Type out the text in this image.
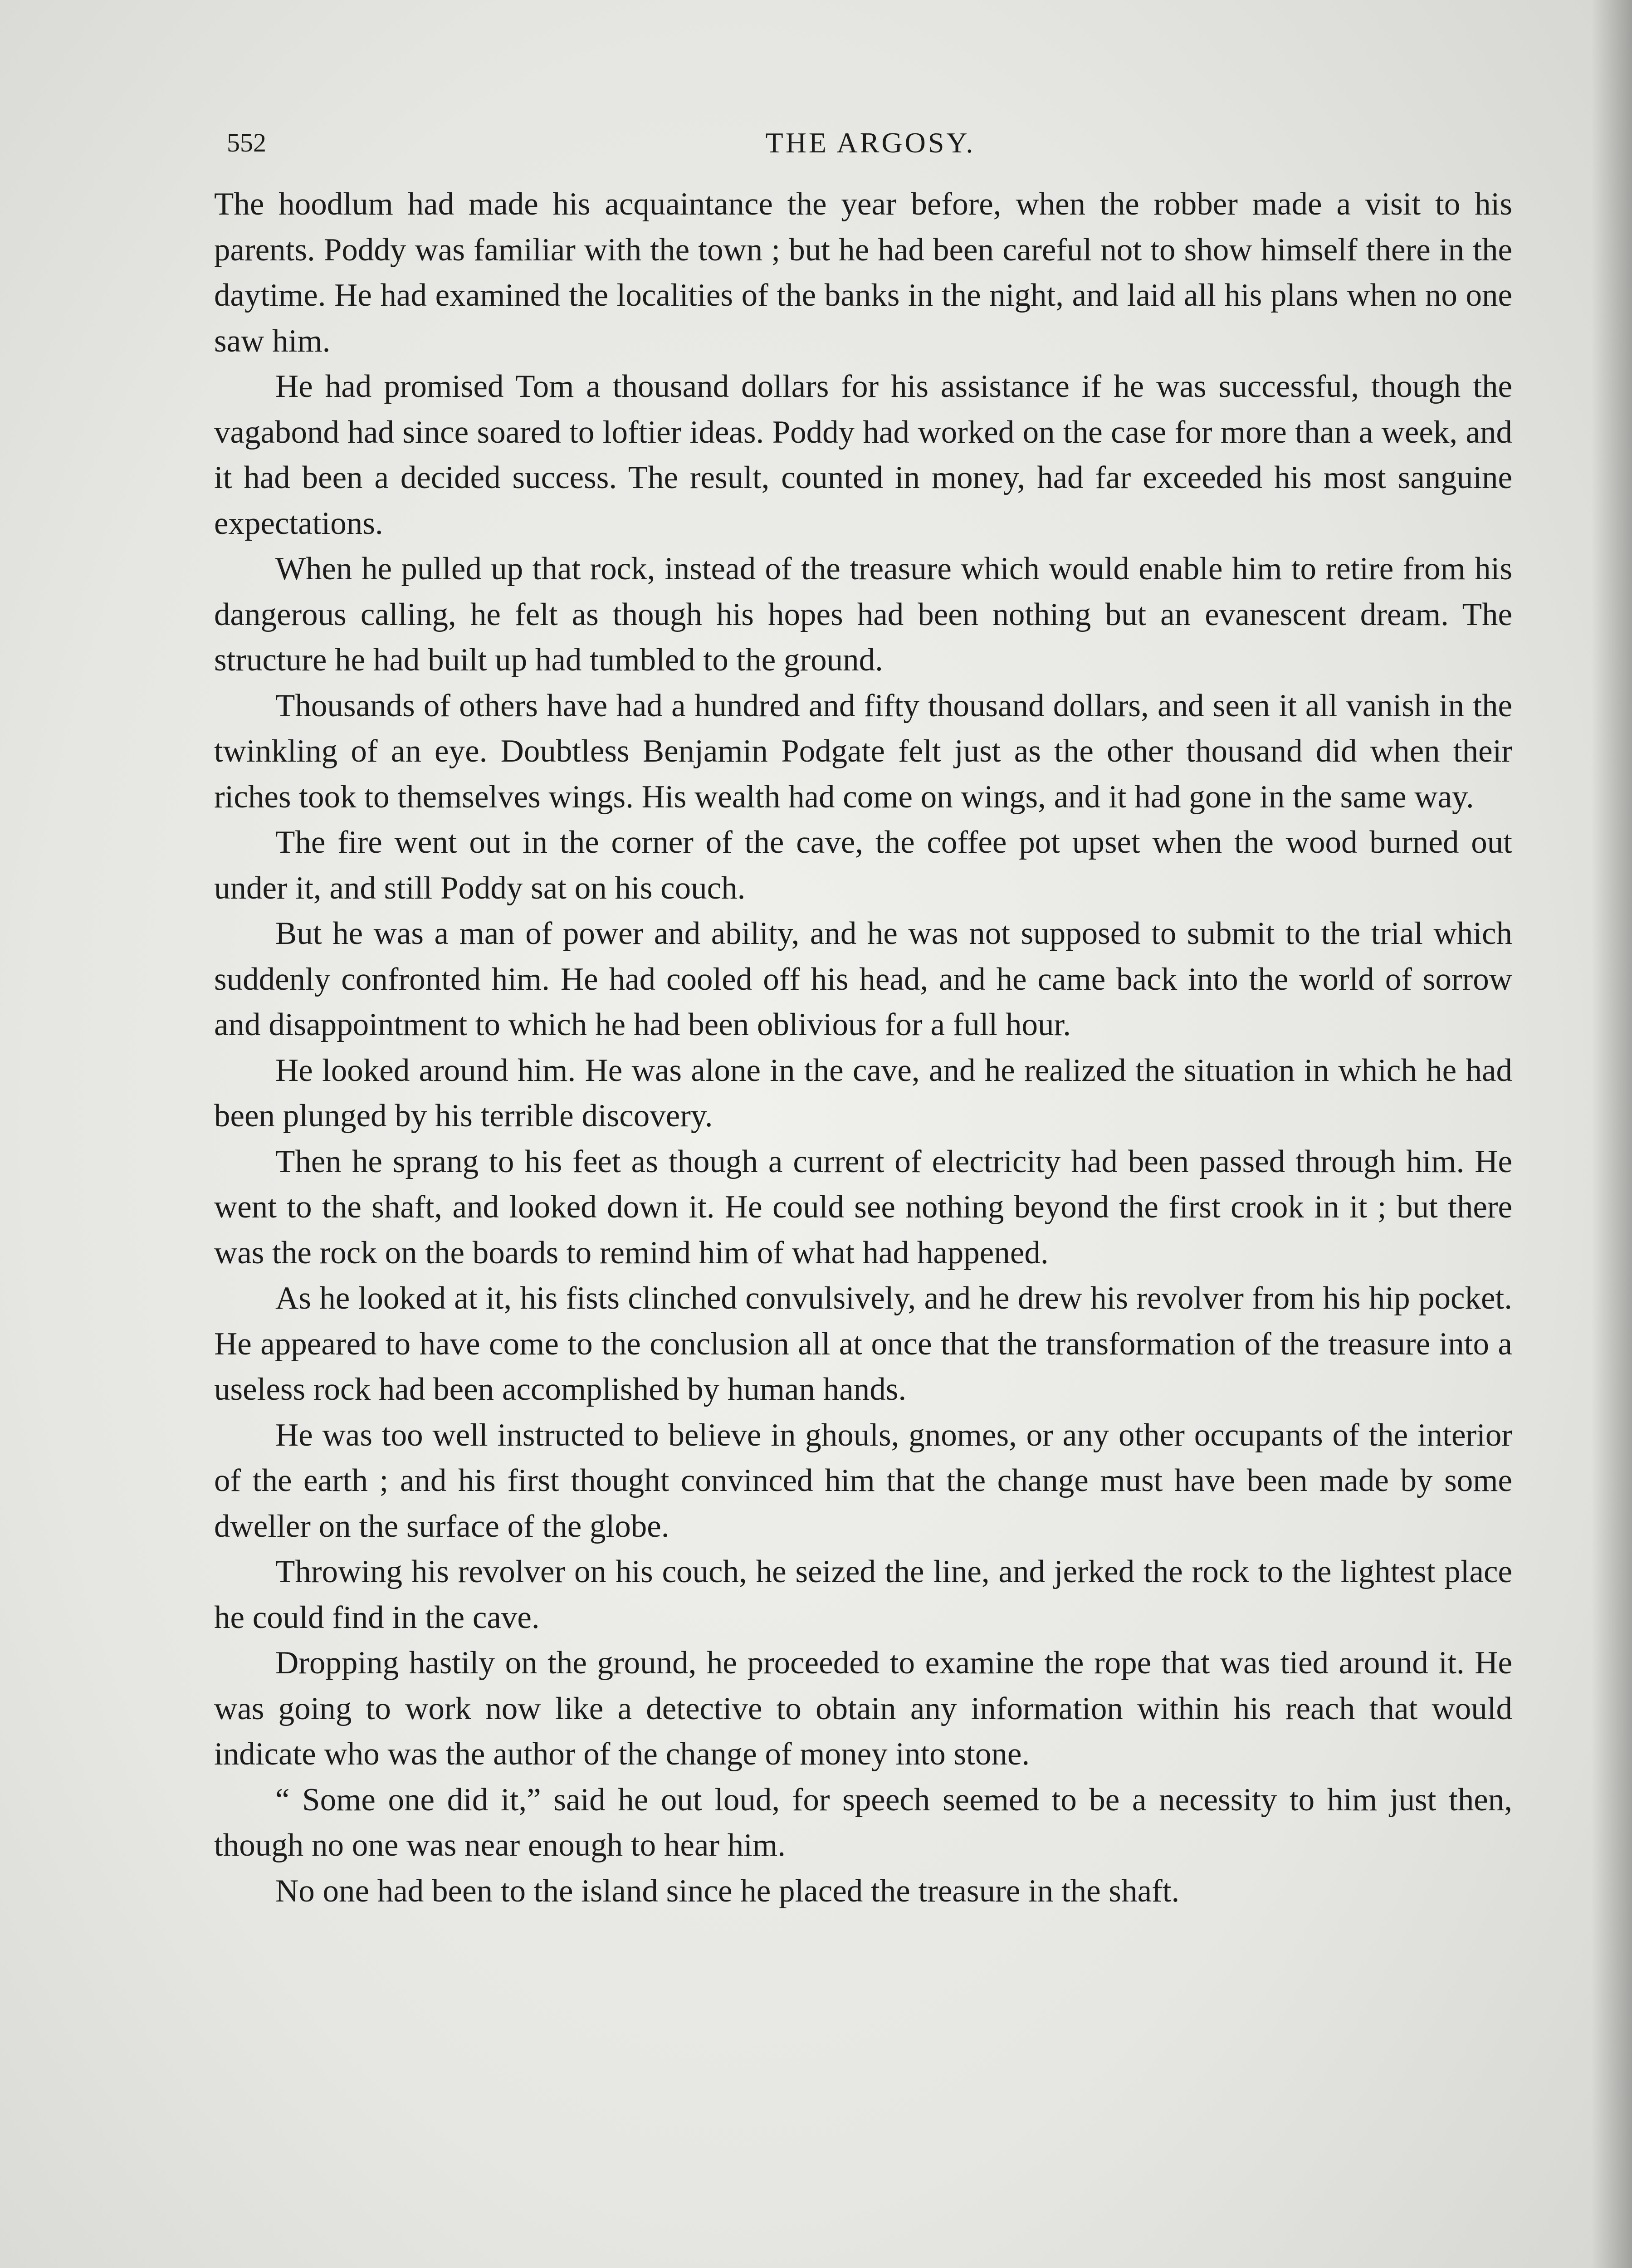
552	THE ARGOSY.

The hoodlum had made his acquaintance the year before, when the robber made a visit to his parents. Poddy was familiar with the town ; but he had been careful not to show himself there in the daytime. He had examined the localities of the banks in the night, and laid all his plans when no one saw him.

He had promised Tom a thousand dollars for his assistance if he was successful, though the vagabond had since soared to loftier ideas. Poddy had worked on the case for more than a week, and it had been a decided success. The result, counted in money, had far exceeded his most sanguine expectations.

When he pulled up that rock, instead of the treasure which would enable him to retire from his dangerous calling, he felt as though his hopes had been nothing but an evanescent dream. The structure he had built up had tumbled to the ground.

Thousands of others have had a hundred and fifty thousand dollars, and seen it all vanish in the twinkling of an eye. Doubtless Benjamin Podgate felt just as the other thousand did when their riches took to themselves wings. His wealth had come on wings, and it had gone in the same way.

The fire went out in the corner of the cave, the coffee pot upset when the wood burned out under it, and still Poddy sat on his couch.

But he was a man of power and ability, and he was not supposed to submit to the trial which suddenly confronted him. He had cooled off his head, and he came back into the world of sorrow and disappointment to which he had been oblivious for a full hour.

He looked around him. He was alone in the cave, and he realized the situation in which he had been plunged by his terrible discovery.

Then he sprang to his feet as though a current of electricity had been passed through him. He went to the shaft, and looked down it. He could see nothing beyond the first crook in it ; but there was the rock on the boards to remind him of what had happened.

As he looked at it, his fists clinched convulsively, and he drew his revolver from his hip pocket. He appeared to have come to the conclusion all at once that the transformation of the treasure into a useless rock had been accomplished by human hands.

He was too well instructed to believe in ghouls, gnomes, or any other occupants of the interior of the earth ; and his first thought convinced him that the change must have been made by some dweller on the surface of the globe.

Throwing his revolver on his couch, he seized the line, and jerked the rock to the lightest place he could find in the cave.

Dropping hastily on the ground, he proceeded to examine the rope that was tied around it. He was going to work now like a detective to obtain any information within his reach that would indicate who was the author of the change of money into stone.

“ Some one did it,” said he out loud, for speech seemed to be a necessity to him just then, though no one was near enough to hear him.

No one had been to the island since he placed the treasure in the shaft.
